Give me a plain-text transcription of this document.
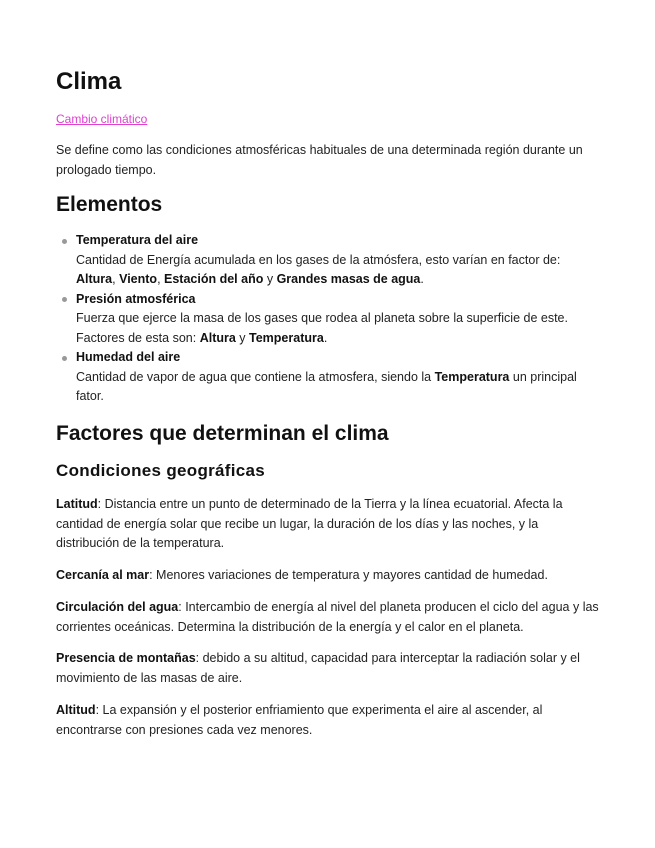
Clima
Cambio climático

Se define como las condiciones atmosféricas habituales de una determinada región durante un prologado tiempo.

Elementos
Temperatura del aire
Cantidad de Energía acumulada en los gases de la atmósfera, esto varían en factor de: Altura, Viento, Estación del año y Grandes masas de agua.
Presión atmosférica
Fuerza que ejerce la masa de los gases que rodea al planeta sobre la superficie de este. Factores de esta son: Altura y Temperatura.
Humedad del aire
Cantidad de vapor de agua que contiene la atmosfera, siendo la Temperatura un principal fator.
Factores que determinan el clima
Condiciones geográficas

Latitud: Distancia entre un punto de determinado de la Tierra y la línea ecuatorial. Afecta la cantidad de energía solar que recibe un lugar, la duración de los días y las noches, y la distribución de la temperatura.

Cercanía al mar: Menores variaciones de temperatura y mayores cantidad de humedad.

Circulación del agua: Intercambio de energía al nivel del planeta producen el ciclo del agua y las corrientes oceánicas. Determina la distribución de la energía y el calor en el planeta.

Presencia de montañas: debido a su altitud, capacidad para interceptar la radiación solar y el movimiento de las masas de aire.

Altitud: La expansión y el posterior enfriamiento que experimenta el aire al ascender, al encontrarse con presiones cada vez menores.
